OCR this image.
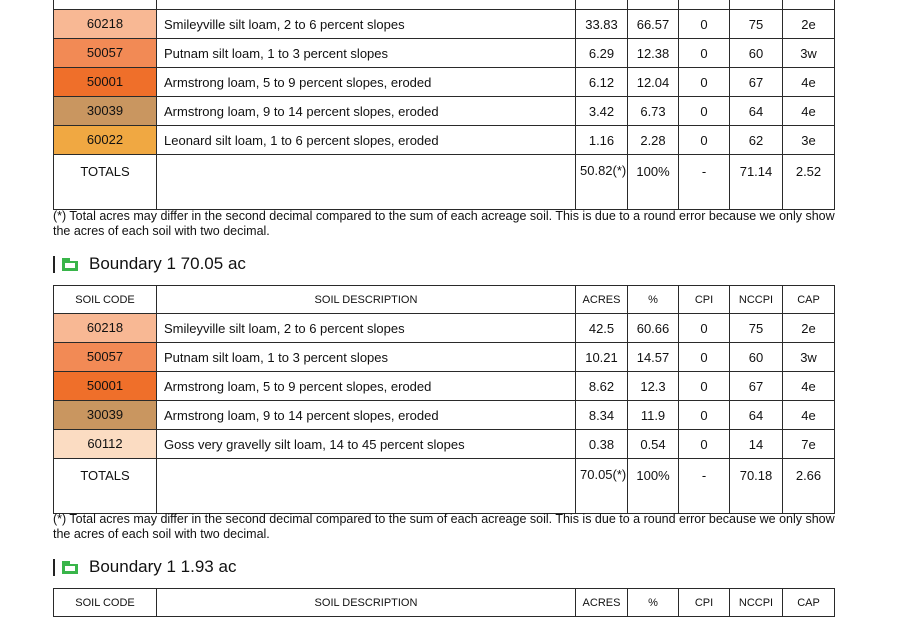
60218	Smileyville silt loam, 2 to 6 percent slopes	33.83	66.57	0	75	2e

50057	Putnam silt loam, 1 to 3 percent slopes	6.29	12.38	0	60	3w

50001	Armstrong loam, 5 to 9 percent slopes, eroded	6.12	12.04	0	67	4e

30039	Armstrong loam, 9 to 14 percent slopes, eroded	3.42	6.73	0	64	4e

60022	Leonard silt loam, 1 to 6 percent slopes, eroded	1.16	2.28	0	62	3e
TOTALS		50.82(*)	100%	-	71.14	2.52
(*) Total acres may differ in the second decimal compared to the sum of each acreage soil. This is due to a round error because we only show the acres of each soil with two decimal.
Boundary 1 70.05 ac
SOIL CODE	SOIL DESCRIPTION	ACRES	%	CPI	NCCPI	CAP

60218	Smileyville silt loam, 2 to 6 percent slopes	42.5	60.66	0	75	2e

50057	Putnam silt loam, 1 to 3 percent slopes	10.21	14.57	0	60	3w

50001	Armstrong loam, 5 to 9 percent slopes, eroded	8.62	12.3	0	67	4e

30039	Armstrong loam, 9 to 14 percent slopes, eroded	8.34	11.9	0	64	4e

60112	Goss very gravelly silt loam, 14 to 45 percent slopes	0.38	0.54	0	14	7e
TOTALS		70.05(*)	100%	-	70.18	2.66
(*) Total acres may differ in the second decimal compared to the sum of each acreage soil. This is due to a round error because we only show the acres of each soil with two decimal.
Boundary 1 1.93 ac
SOIL CODE	SOIL DESCRIPTION	ACRES	%	CPI	NCCPI	CAP
